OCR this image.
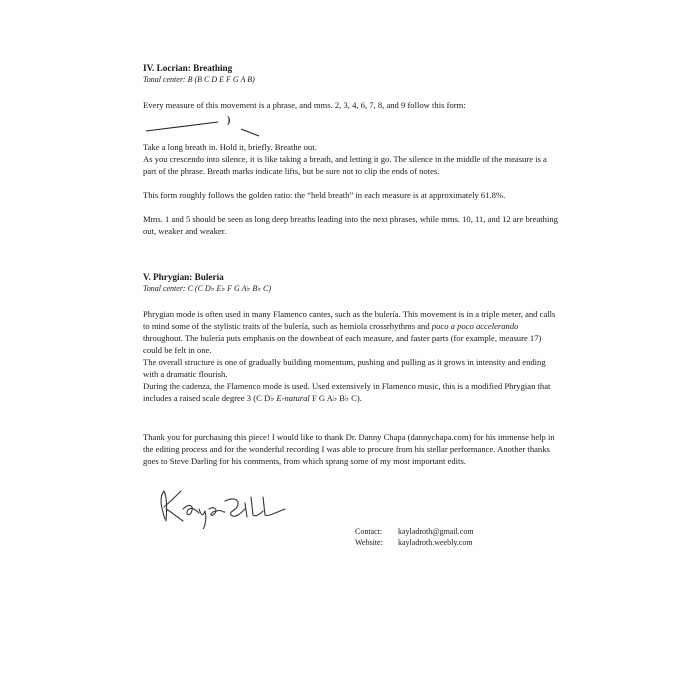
IV. Locrian: Breathing

Tonal center: B (B C D E F G A B)

Every measure of this movement is a phrase, and mms. 2, 3, 4, 6, 7, 8, and 9 follow this form:

)

Take a long breath in. Hold it, briefly. Breathe out.

As you crescendo into silence, it is like taking a breath, and letting it go. The silence in the middle of the measure is a part of the phrase. Breath marks indicate lifts, but be sure not to clip the ends of notes.

This form roughly follows the golden ratio: the “held breath” in each measure is at approximately 61.8%.

Mms. 1 and 5 should be seen as long deep breaths leading into the next phrases, while mms. 10, 11, and 12 are breathing out, weaker and weaker.

V. Phrygian: Bulería

Tonal center: C (C D♭ E♭ F G A♭ B♭ C)

Phrygian mode is often used in many Flamenco cantes, such as the bulería. This movement is in a triple meter, and calls to mind some of the stylistic traits of the bulería, such as hemiola crossrhythms and poco a poco accelerando throughout. The bulería puts emphasis on the downbeat of each measure, and faster parts (for example, measure 17) could be felt in one.

The overall structure is one of gradually building momentum, pushing and pulling as it grows in intensity and ending with a dramatic flourish.

During the cadenza, the Flamenco mode is used. Used extensively in Flamenco music, this is a modified Phrygian that includes a raised scale degree 3 (C D♭ E-natural F G A♭ B♭ C).

Thank you for purchasing this piece! I would like to thank Dr. Danny Chapa (dannychapa.com) for his immense help in the editing process and for the wonderful recording I was able to procure from his stellar performance. Another thanks goes to Steve Darling for his comments, from which sprang some of my most important edits.

Contact: kayladroth@gmail.com
Website: kayladroth.weebly.com
